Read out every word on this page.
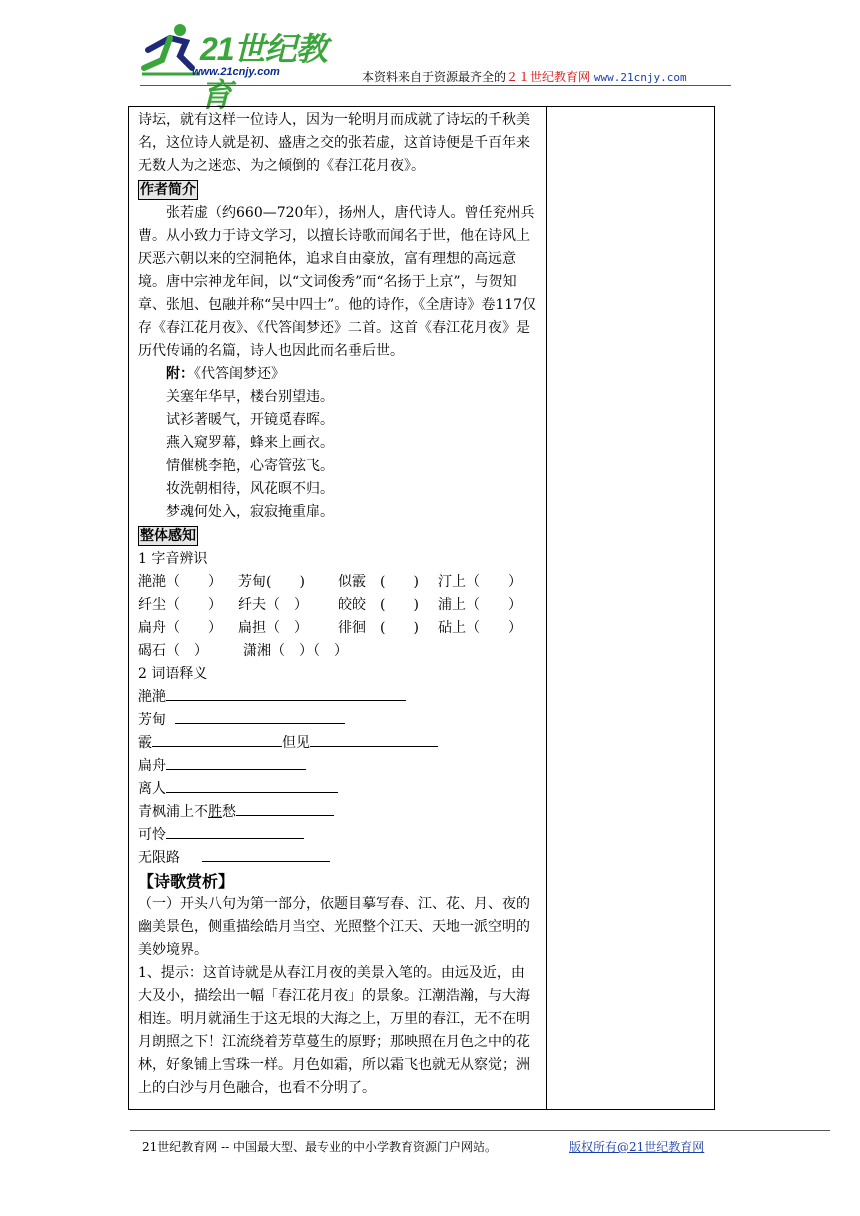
21世纪教育
www.21cnjy.com	本资料来自于资源最齐全的２１世纪教育网 www.21cnjy.com

诗坛，就有这样一位诗人，因为一轮明月而成就了诗坛的千秋美名，这位诗人就是初、盛唐之交的张若虚，这首诗便是千百年来无数人为之迷恋、为之倾倒的《春江花月夜》。

作者简介

张若虚（约660—720年），扬州人，唐代诗人。曾任兖州兵曹。从小致力于诗文学习，以擅长诗歌而闻名于世，他在诗风上厌恶六朝以来的空洞艳体，追求自由豪放，富有理想的高远意境。唐中宗神龙年间，以“文词俊秀”而“名扬于上京”，与贺知章、张旭、包融并称“吴中四士”。他的诗作，《全唐诗》卷117仅存《春江花月夜》、《代答闺梦还》二首。这首《春江花月夜》是历代传诵的名篇，诗人也因此而名垂后世。

附：《代答闺梦还》

关塞年华早，楼台别望违。

试衫著暖气，开镜觅春晖。

燕入窥罗幕，蜂来上画衣。

情催桃李艳，心寄管弦飞。

妆洗朝相待，风花暝不归。

梦魂何处入，寂寂掩重扉。

整体感知

1 字音辨识

滟滟（　　）	芳甸(　　)	似霰　(　　)	汀上（　　）
纤尘（　　）	纤夫（　）	皎皎　(　　)	浦上（　　）
扁舟（　　）	扁担（　）	徘徊　(　　)	砧上（　　）
碣石（　）	潇湘（　）（　）

2 词语释义

滟滟

芳甸

霰	但见

扁舟

离人

青枫浦上不胜愁

可怜

无限路

【诗歌赏析】

（一）开头八句为第一部分，依题目摹写春、江、花、月、夜的幽美景色，侧重描绘皓月当空、光照整个江天、天地一派空明的美妙境界。

1、提示：这首诗就是从春江月夜的美景入笔的。由远及近，由大及小，描绘出一幅「春江花月夜」的景象。江潮浩瀚，与大海相连。明月就涌生于这无垠的大海之上，万里的春江，无不在明月朗照之下！江流绕着芳草蔓生的原野；那映照在月色之中的花林，好象铺上雪珠一样。月色如霜，所以霜飞也就无从察觉；洲上的白沙与月色融合，也看不分明了。

21世纪教育网 -- 中国最大型、最专业的中小学教育资源门户网站。	版权所有@21世纪教育网
